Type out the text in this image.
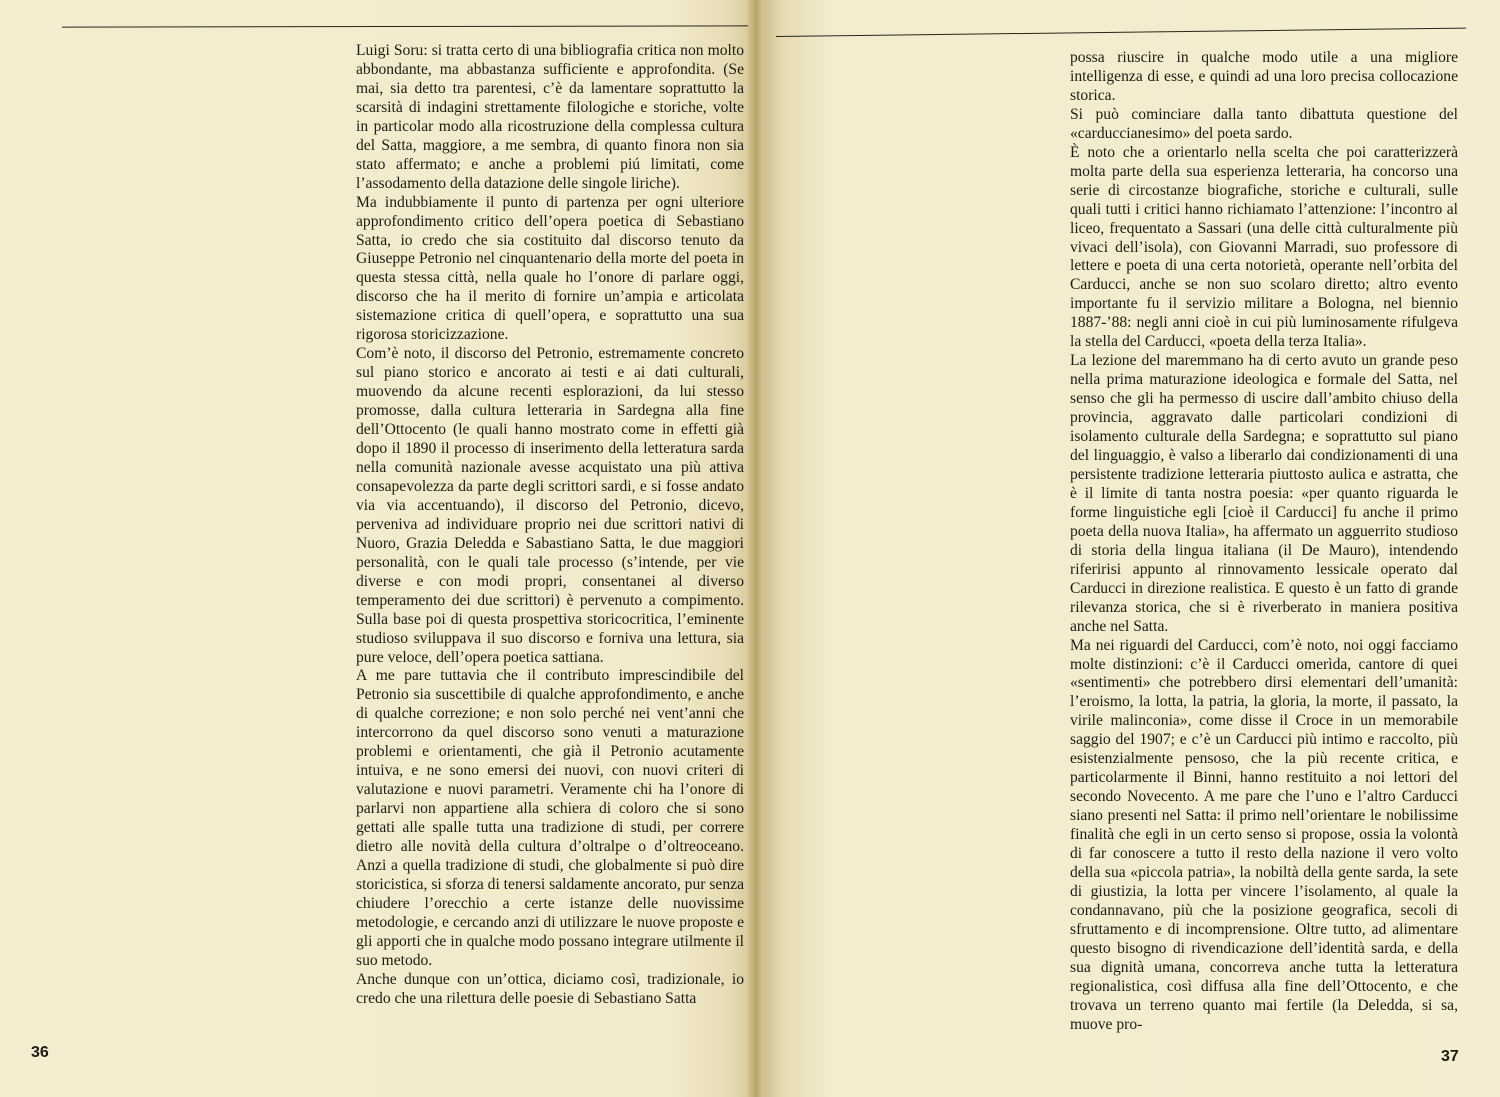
Luigi Soru: si tratta certo di una bibliografia critica non molto abbondante, ma abbastanza sufficiente e approfondita. (Se mai, sia detto tra parentesi, c’è da lamentare soprattutto la scarsità di indagini strettamente filologiche e storiche, volte in particolar modo alla ricostruzione della complessa cultura del Satta, maggiore, a me sembra, di quanto finora non sia stato affermato; e anche a problemi piú limitati, come l’assodamento della datazione delle singole liriche).

Ma indubbiamente il punto di partenza per ogni ulteriore approfondimento critico dell’opera poetica di Sebastiano Satta, io credo che sia costituito dal discorso tenuto da Giuseppe Petronio nel cinquantenario della morte del poeta in questa stessa città, nella quale ho l’onore di parlare oggi, discorso che ha il merito di fornire un’ampia e articolata sistemazione critica di quell’opera, e soprattutto una sua rigorosa storicizzazione.

Com’è noto, il discorso del Petronio, estremamente concreto sul piano storico e ancorato ai testi e ai dati culturali, muovendo da alcune recenti esplorazioni, da lui stesso promosse, dalla cultura letteraria in Sardegna alla fine dell’Ottocento (le quali hanno mostrato come in effetti già dopo il 1890 il processo di inserimento della letteratura sarda nella comunità nazionale avesse acquistato una più attiva consapevolezza da parte degli scrittori sardi, e si fosse andato via via accentuando), il discorso del Petronio, dicevo, perveniva ad individuare proprio nei due scrittori nativi di Nuoro, Grazia Deledda e Sabastiano Satta, le due maggiori personalità, con le quali tale processo (s’intende, per vie diverse e con modi propri, consentanei al diverso temperamento dei due scrittori) è pervenuto a compimento. Sulla base poi di questa prospettiva storicocritica, l’eminente studioso sviluppava il suo discorso e forniva una lettura, sia pure veloce, dell’opera poetica sattiana.

A me pare tuttavia che il contributo imprescindibile del Petronio sia suscettibile di qualche approfondimento, e anche di qualche correzione; e non solo perché nei vent’anni che intercorrono da quel discorso sono venuti a maturazione problemi e orientamenti, che già il Petronio acutamente intuiva, e ne sono emersi dei nuovi, con nuovi criteri di valutazione e nuovi parametri. Veramente chi ha l’onore di parlarvi non appartiene alla schiera di coloro che si sono gettati alle spalle tutta una tradizione di studi, per correre dietro alle novità della cultura d’oltralpe o d’oltreoceano. Anzi a quella tradizione di studi, che globalmente si può dire storicistica, si sforza di tenersi saldamente ancorato, pur senza chiudere l’orecchio a certe istanze delle nuovissime metodologie, e cercando anzi di utilizzare le nuove proposte e gli apporti che in qualche modo possano integrare utilmente il suo metodo.

Anche dunque con un’ottica, diciamo così, tradizionale, io credo che una rilettura delle poesie di Sebastiano Satta

possa riuscire in qualche modo utile a una migliore intelligenza di esse, e quindi ad una loro precisa collocazione storica.

Si può cominciare dalla tanto dibattuta questione del «carduccianesimo» del poeta sardo.

È noto che a orientarlo nella scelta che poi caratterizzerà molta parte della sua esperienza letteraria, ha concorso una serie di circostanze biografiche, storiche e culturali, sulle quali tutti i critici hanno richiamato l’attenzione: l’incontro al liceo, frequentato a Sassari (una delle città culturalmente più vivaci dell’isola), con Giovanni Marradi, suo professore di lettere e poeta di una certa notorietà, operante nell’orbita del Carducci, anche se non suo scolaro diretto; altro evento importante fu il servizio militare a Bologna, nel biennio 1887-’88: negli anni cioè in cui più luminosamente rifulgeva la stella del Carducci, «poeta della terza Italia».

La lezione del maremmano ha di certo avuto un grande peso nella prima maturazione ideologica e formale del Satta, nel senso che gli ha permesso di uscire dall’ambito chiuso della provincia, aggravato dalle particolari condizioni di isolamento culturale della Sardegna; e soprattutto sul piano del linguaggio, è valso a liberarlo dai condizionamenti di una persistente tradizione letteraria piuttosto aulica e astratta, che è il limite di tanta nostra poesia: «per quanto riguarda le forme linguistiche egli [cioè il Carducci] fu anche il primo poeta della nuova Italia», ha affermato un agguerrito studioso di storia della lingua italiana (il De Mauro), intendendo riferirisi appunto al rinnovamento lessicale operato dal Carducci in direzione realistica. E questo è un fatto di grande rilevanza storica, che si è riverberato in maniera positiva anche nel Satta.

Ma nei riguardi del Carducci, com’è noto, noi oggi facciamo molte distinzioni: c’è il Carducci omerìda, cantore di quei «sentimenti» che potrebbero dirsi elementari dell’umanità: l’eroismo, la lotta, la patria, la gloria, la morte, il passato, la virile malinconia», come disse il Croce in un memorabile saggio del 1907; e c’è un Carducci più intimo e raccolto, più esistenzialmente pensoso, che la più recente critica, e particolarmente il Binni, hanno restituito a noi lettori del secondo Novecento. A me pare che l’uno e l’altro Carducci siano presenti nel Satta: il primo nell’orientare le nobilissime finalità che egli in un certo senso si propose, ossia la volontà di far conoscere a tutto il resto della nazione il vero volto della sua «piccola patria», la nobiltà della gente sarda, la sete di giustizia, la lotta per vincere l’isolamento, al quale la condannavano, più che la posizione geografica, secoli di sfruttamento e di incomprensione. Oltre tutto, ad alimentare questo bisogno di rivendicazione dell’identità sarda, e della sua dignità umana, concorreva anche tutta la letteratura regionalistica, così diffusa alla fine dell’Ottocento, e che trovava un terreno quanto mai fertile (la Deledda, si sa, muove pro-

36	37
